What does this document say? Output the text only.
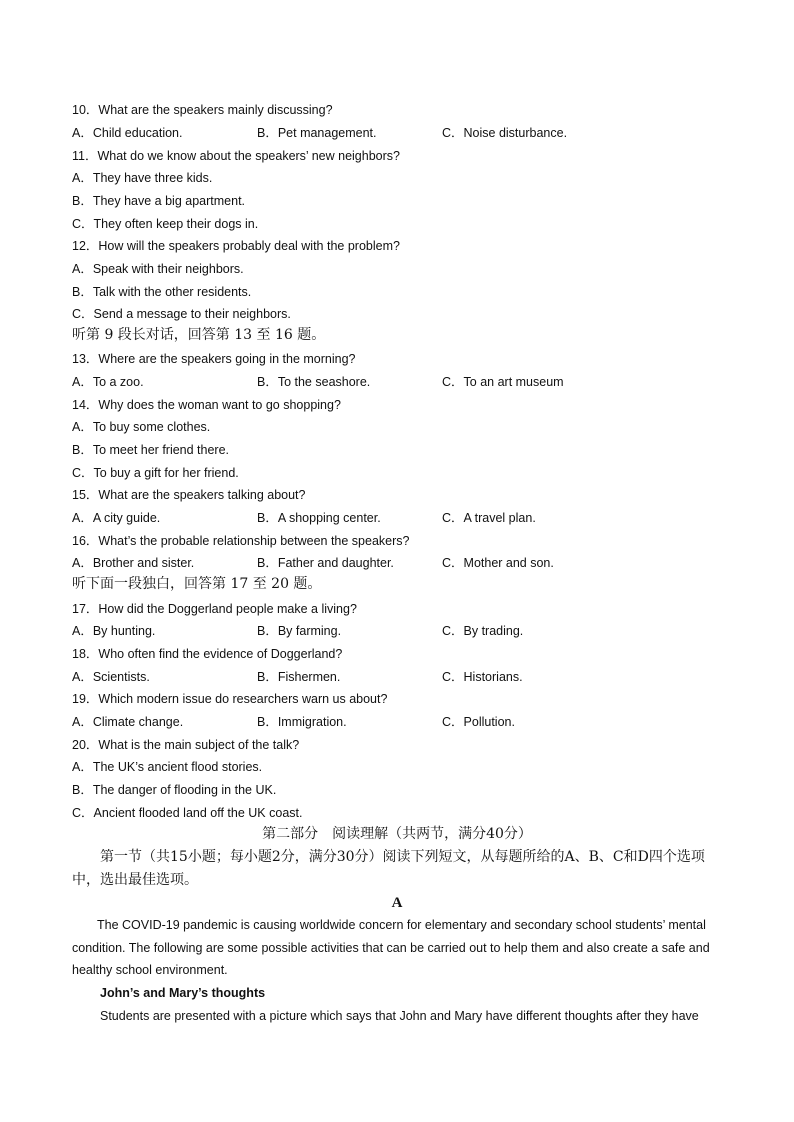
10．What are the speakers mainly discussing?
A．Child education.	B．Pet management.	C．Noise disturbance.
11．What do we know about the speakers’ new neighbors?
A．They have three kids.
B．They have a big apartment.
C．They often keep their dogs in.
12．How will the speakers probably deal with the problem?
A．Speak with their neighbors.
B．Talk with the other residents.
C．Send a message to their neighbors.
听第 9 段长对话，回答第 13 至 16 题。
13．Where are the speakers going in the morning?
A．To a zoo.	B．To the seashore.	C．To an art museum
14．Why does the woman want to go shopping?
A．To buy some clothes.
B．To meet her friend there.
C．To buy a gift for her friend.
15．What are the speakers talking about?
A．A city guide.	B．A shopping center.	C．A travel plan.
16．What’s the probable relationship between the speakers?
A．Brother and sister.	B．Father and daughter.	C．Mother and son.
听下面一段独白，回答第 17 至 20 题。
17．How did the Doggerland people make a living?
A．By hunting.	B．By farming.	C．By trading.
18．Who often find the evidence of Doggerland?
A．Scientists.	B．Fishermen.	C．Historians.
19．Which modern issue do researchers warn us about?
A．Climate change.	B．Immigration.	C．Pollution.
20．What is the main subject of the talk?
A．The UK’s ancient flood stories.
B．The danger of flooding in the UK.
C．Ancient flooded land off the UK coast.
第二部分　阅读理解（共两节，满分40分）
　　第一节（共15小题；每小题2分，满分30分）阅读下列短文，从每题所给的A、B、C和D四个选项中，选出最佳选项。
A
　　The COVID-19 pandemic is causing worldwide concern for elementary and secondary school students’ mental condition. The following are some possible activities that can be carried out to help them and also create a safe and healthy school environment.
John’s and Mary’s thoughts
Students are presented with a picture which says that John and Mary have different thoughts after they have
